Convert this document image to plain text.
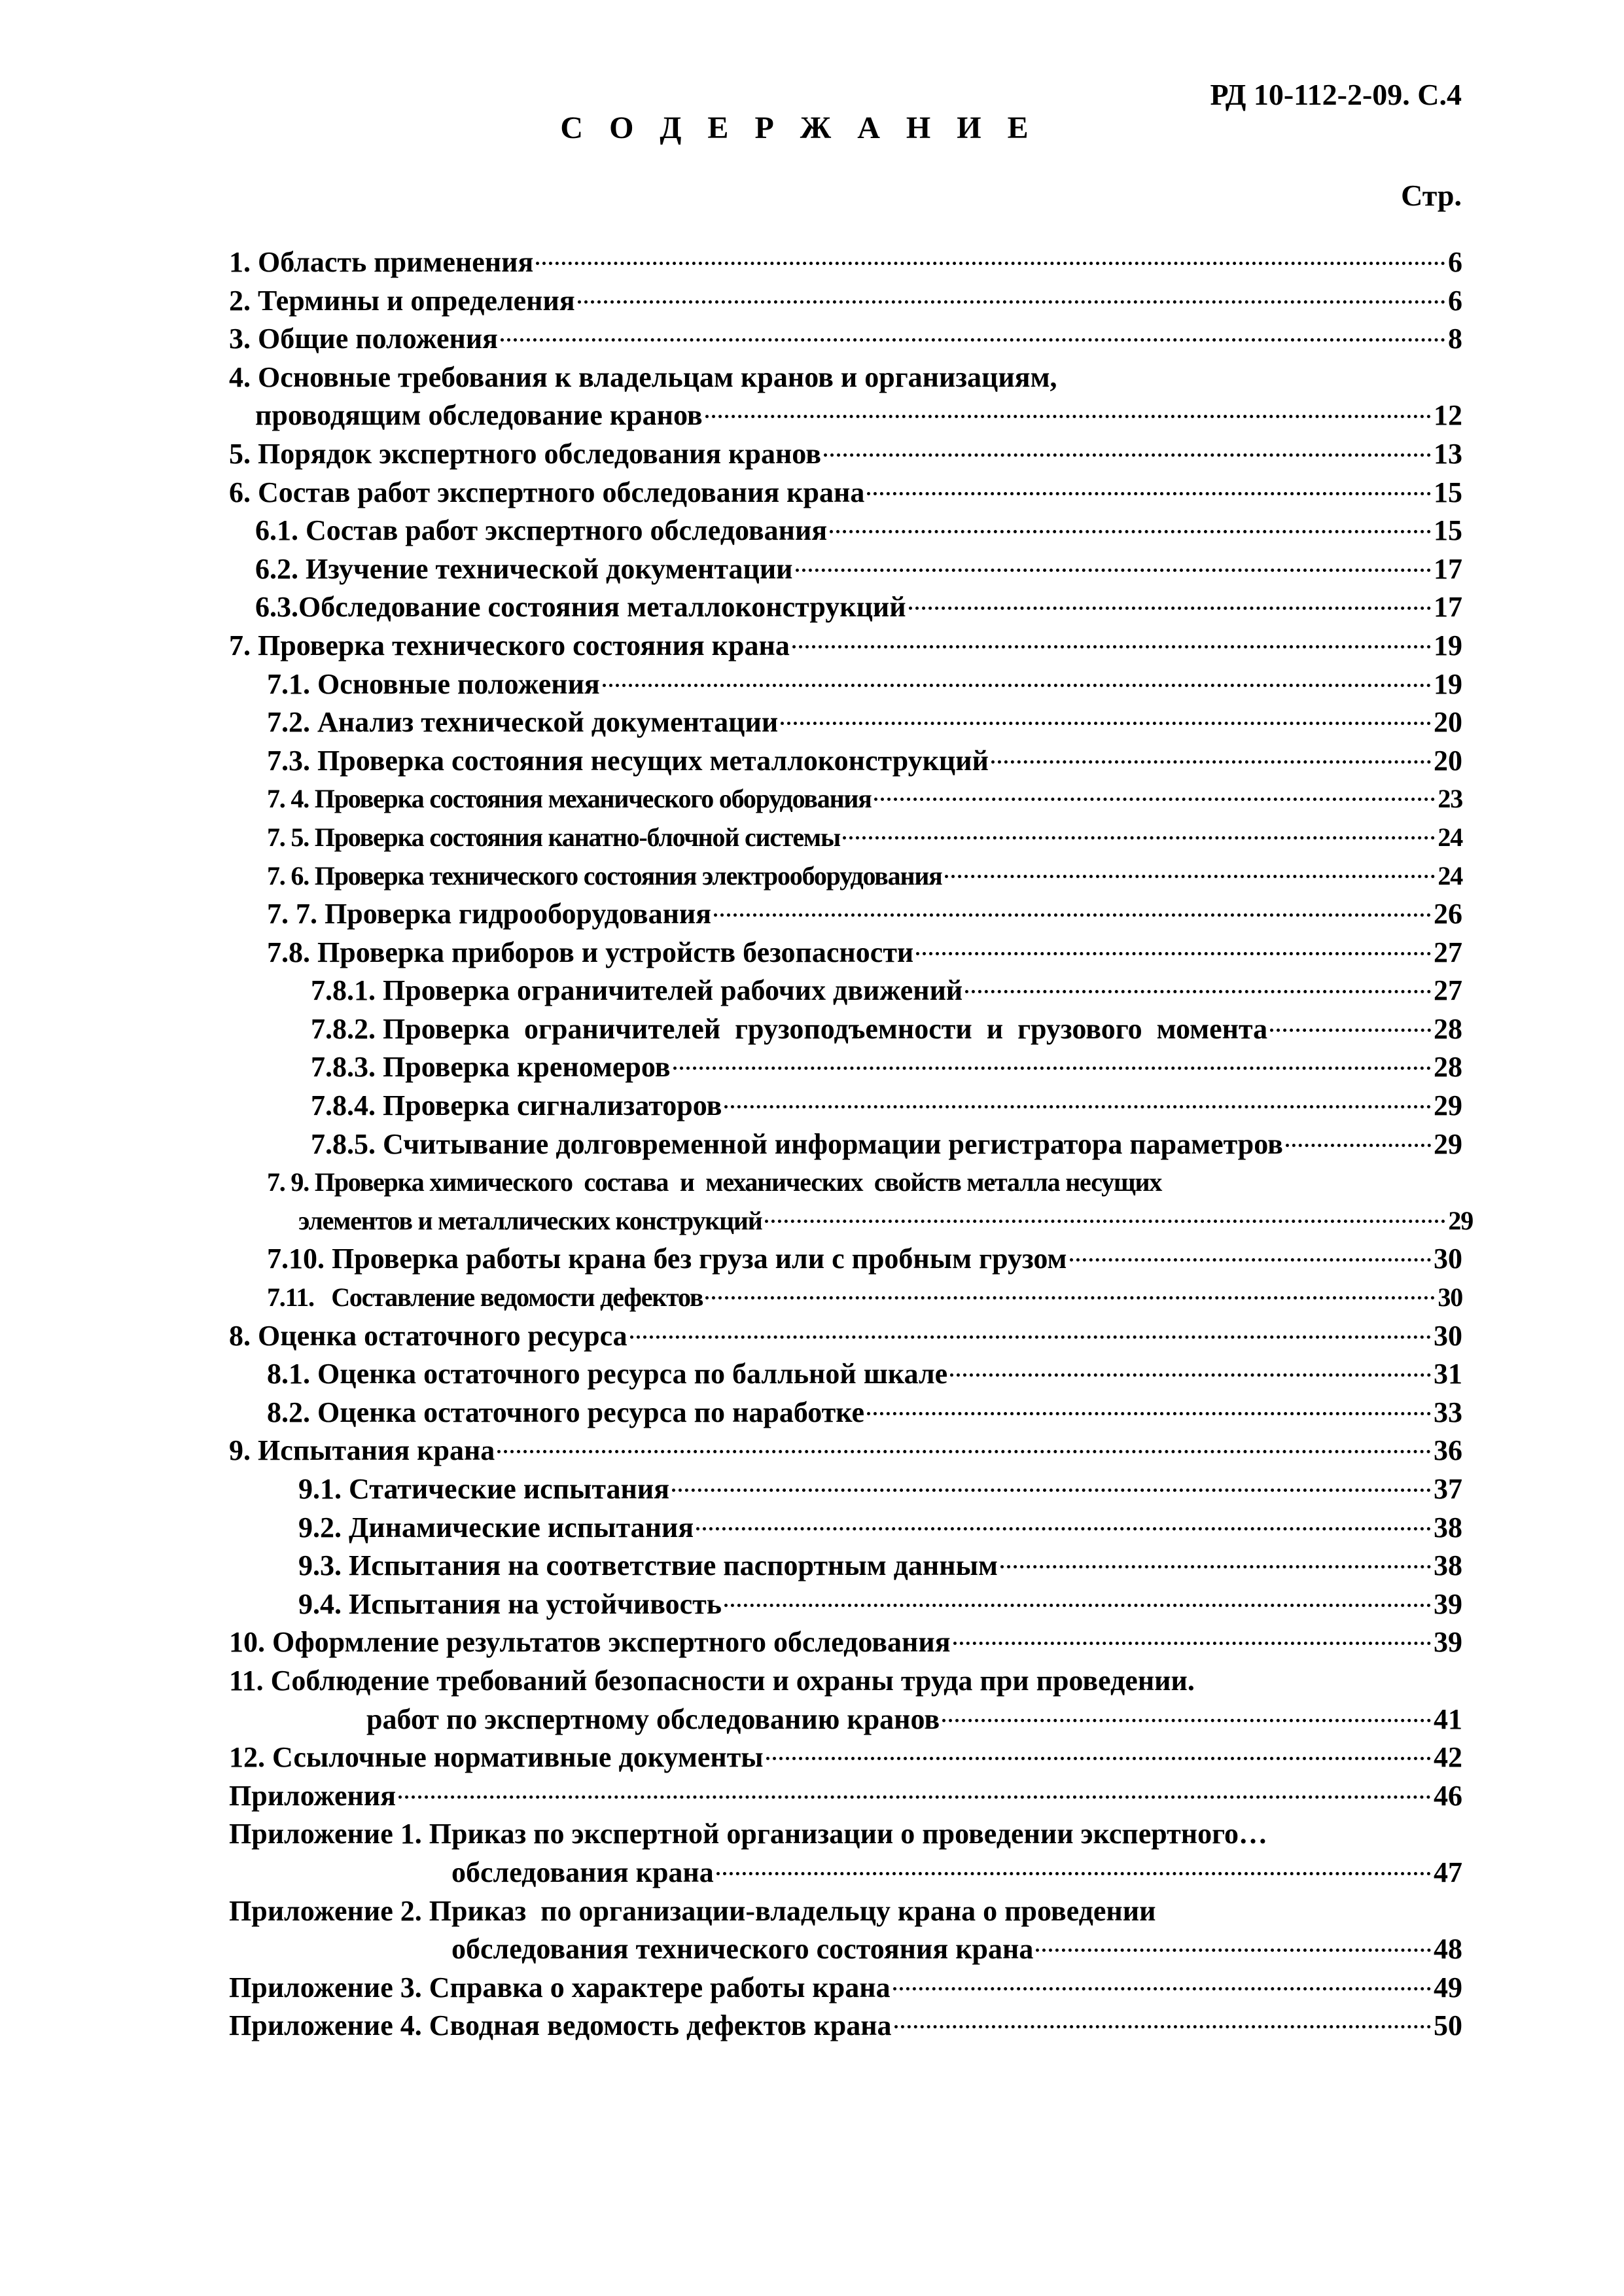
РД 10-112-2-09. С.4
С О Д Е Р Ж А Н И Е
Стр.
1. Область применения	6
2. Термины и определения	6
3. Общие положения	8
4. Основные требования к владельцам кранов и организациям,
проводящим обследование кранов	12
5. Порядок экспертного обследования кранов	13
6. Состав работ экспертного обследования крана	15
6.1. Состав работ экспертного обследования	15
6.2. Изучение технической документации	17
6.3.Обследование состояния металлоконструкций	17
7. Проверка технического состояния крана	19
7.1. Основные положения	19
7.2. Анализ технической документации	20
7.3. Проверка состояния несущих металлоконструкций	20
7. 4. Проверка состояния механического оборудования	23
7. 5. Проверка состояния канатно-блочной системы	24
7. 6. Проверка технического состояния электрооборудования	24
7. 7. Проверка гидрооборудования	26
7.8. Проверка приборов и устройств безопасности	27
7.8.1. Проверка ограничителей рабочих движений	27
7.8.2. Проверка  ограничителей  грузоподъемности  и  грузового  момента	28
7.8.3. Проверка креномеров	28
7.8.4. Проверка сигнализаторов	29
7.8.5. Считывание долговременной информации регистратора параметров	29
7. 9. Проверка химического  состава  и  механических  свойств металла несущих
элементов и металлических конструкций	29
7.10. Проверка работы крана без груза или с пробным грузом	30
7.11.   Составление ведомости дефектов	30
8. Оценка остаточного ресурса	30
8.1. Оценка остаточного ресурса по балльной шкале	31
8.2. Оценка остаточного ресурса по наработке	33
9. Испытания крана	36
9.1. Статические испытания	37
9.2. Динамические испытания	38
9.3. Испытания на соответствие паспортным данным	38
9.4. Испытания на устойчивость	39
10. Оформление результатов экспертного обследования	39
11. Соблюдение требований безопасности и охраны труда при проведении.
работ по экспертному обследованию кранов	41
12. Ссылочные нормативные документы	42
Приложения	46
Приложение 1. Приказ по экспертной организации о проведении экспертного…
обследования крана	47
Приложение 2. Приказ  по организации-владельцу крана о проведении
обследования технического состояния крана	48
Приложение 3. Справка о характере работы крана	49
Приложение 4. Сводная ведомость дефектов крана	50
